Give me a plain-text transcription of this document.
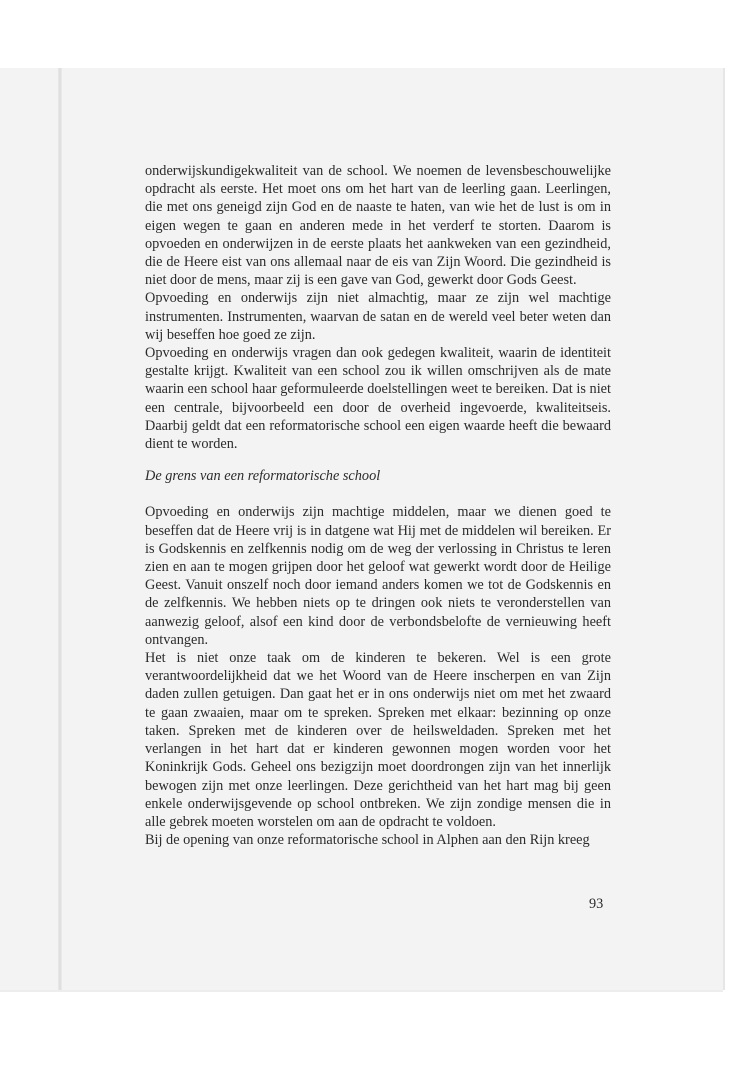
onderwijskundigekwaliteit van de school. We noemen de levensbeschouwelijke opdracht als eerste. Het moet ons om het hart van de leerling gaan. Leerlingen, die met ons geneigd zijn God en de naaste te haten, van wie het de lust is om in eigen wegen te gaan en anderen mede in het verderf te storten. Daarom is opvoeden en onderwijzen in de eerste plaats het aankweken van een gezindheid, die de Heere eist van ons allemaal naar de eis van Zijn Woord. Die gezindheid is niet door de mens, maar zij is een gave van God, gewerkt door Gods Geest.

Opvoeding en onderwijs zijn niet almachtig, maar ze zijn wel machtige instrumenten. Instrumenten, waarvan de satan en de wereld veel beter weten dan wij beseffen hoe goed ze zijn.

Opvoeding en onderwijs vragen dan ook gedegen kwaliteit, waarin de identiteit gestalte krijgt. Kwaliteit van een school zou ik willen omschrijven als de mate waarin een school haar geformuleerde doelstellingen weet te bereiken. Dat is niet een centrale, bijvoorbeeld een door de overheid ingevoerde, kwaliteitseis. Daarbij geldt dat een reformatorische school een eigen waarde heeft die bewaard dient te worden.

De grens van een reformatorische school

Opvoeding en onderwijs zijn machtige middelen, maar we dienen goed te beseffen dat de Heere vrij is in datgene wat Hij met de middelen wil bereiken. Er is Godskennis en zelfkennis nodig om de weg der verlossing in Christus te leren zien en aan te mogen grijpen door het geloof wat gewerkt wordt door de Heilige Geest. Vanuit onszelf noch door iemand anders komen we tot de Godskennis en de zelfkennis. We hebben niets op te dringen ook niets te veronderstellen van aanwezig geloof, alsof een kind door de verbondsbelofte de vernieuwing heeft ontvangen.

Het is niet onze taak om de kinderen te bekeren. Wel is een grote verantwoordelijkheid dat we het Woord van de Heere inscherpen en van Zijn daden zullen getuigen. Dan gaat het er in ons onderwijs niet om met het zwaard te gaan zwaaien, maar om te spreken. Spreken met elkaar: bezinning op onze taken. Spreken met de kinderen over de heilsweldaden. Spreken met het verlangen in het hart dat er kinderen gewonnen mogen worden voor het Koninkrijk Gods. Geheel ons bezigzijn moet doordrongen zijn van het innerlijk bewogen zijn met onze leerlingen. Deze gerichtheid van het hart mag bij geen enkele onderwijsgevende op school ontbreken. We zijn zondige mensen die in alle gebrek moeten worstelen om aan de opdracht te voldoen.

Bij de opening van onze reformatorische school in Alphen aan den Rijn kreeg

93
